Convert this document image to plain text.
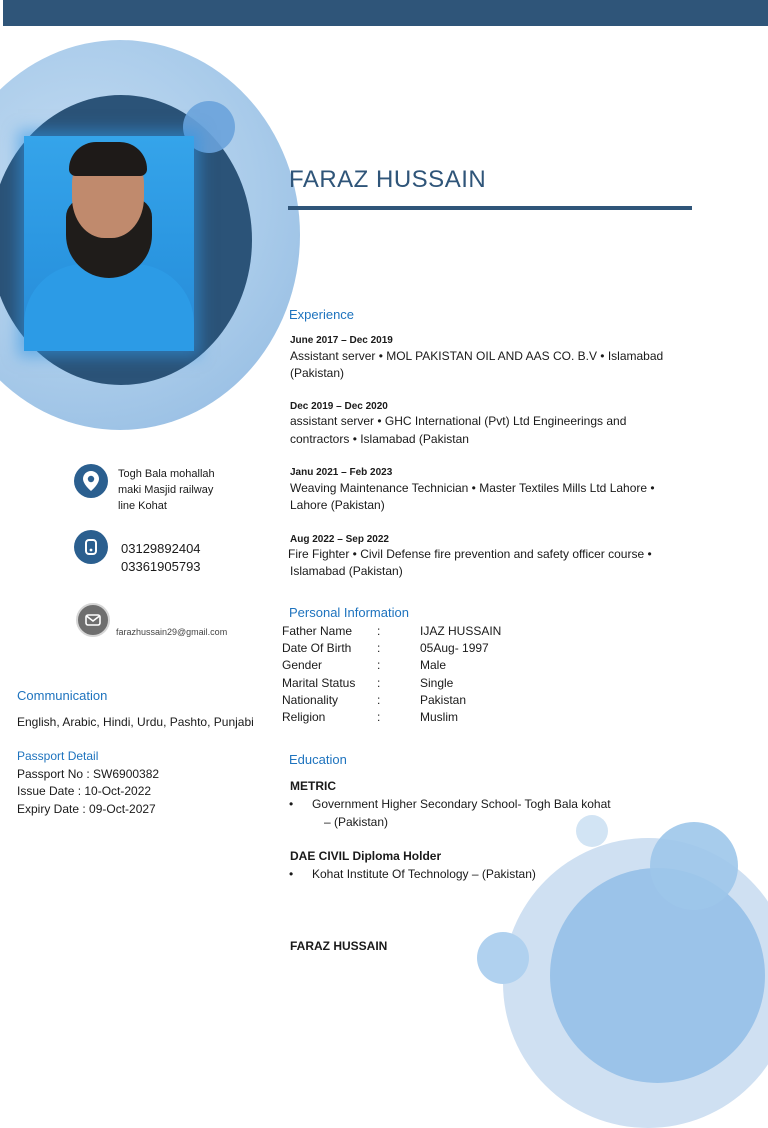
FARAZ HUSSAIN
Togh Bala mohallah
maki Masjid railway
line Kohat
03129892404
03361905793
farazhussain29@gmail.com
Communication
English, Arabic, Hindi, Urdu, Pashto, Punjabi
Passport Detail
Passport No : SW6900382
Issue Date : 10-Oct-2022
Expiry Date : 09-Oct-2027
Experience
June 2017 – Dec 2019
Assistant server • MOL PAKISTAN OIL AND AAS CO. B.V • Islamabad
(Pakistan)
Dec 2019 – Dec 2020
assistant server • GHC International (Pvt) Ltd Engineerings and
contractors • Islamabad (Pakistan
Janu 2021 – Feb 2023
Weaving Maintenance Technician • Master Textiles Mills Ltd Lahore •
Lahore (Pakistan)
Aug 2022 – Sep 2022
Fire Fighter • Civil Defense fire prevention and safety officer course •
Islamabad (Pakistan)
Personal Information
Father Name :	IJAZ HUSSAIN
Date Of Birth :	05Aug- 1997
Gender	:	Male
Marital Status :	Single
Nationality	:	Pakistan
Religion	:	Muslim
Education
METRIC
• Government Higher Secondary School- Togh Bala kohat
– (Pakistan)
DAE CIVIL Diploma Holder
• Kohat Institute Of Technology – (Pakistan)
FARAZ HUSSAIN
